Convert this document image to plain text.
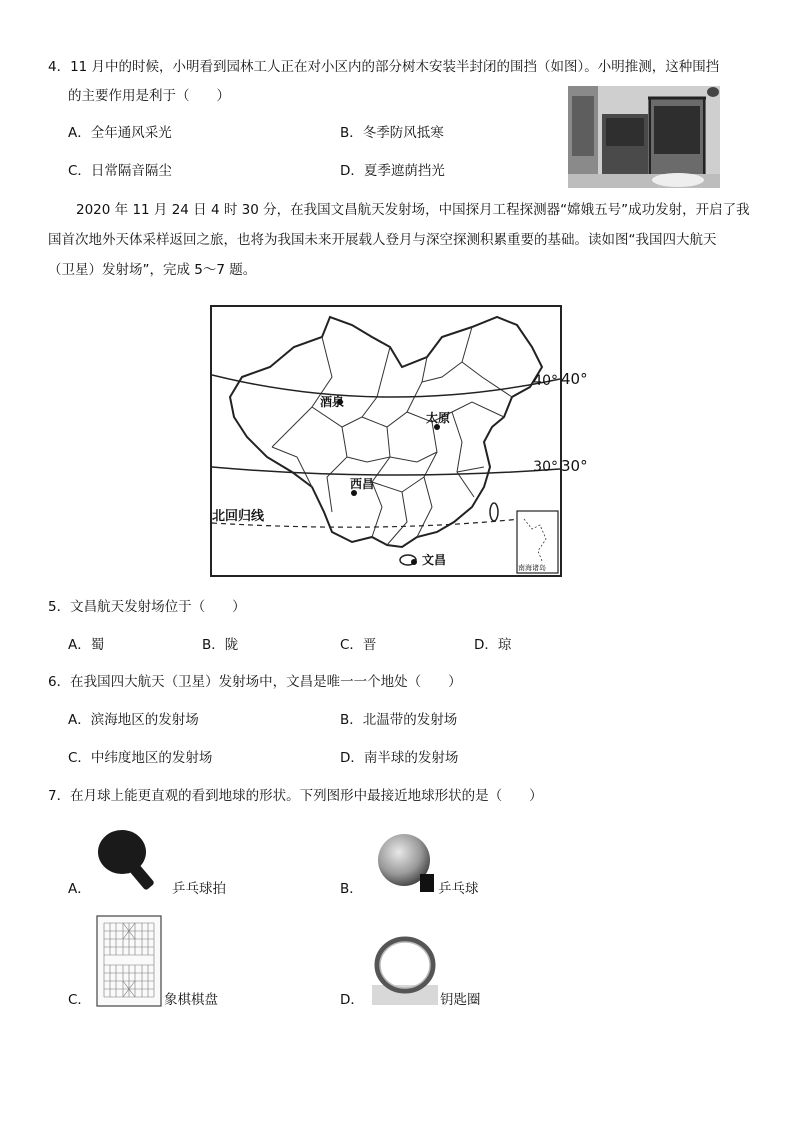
4．11 月中的时候，小明看到园林工人正在对小区内的部分树木安装半封闭的围挡（如图）。小明推测，这种围挡
的主要作用是利于（　　）
A．全年通风采光	B．冬季防风抵寒
C．日常隔音隔尘	D．夏季遮荫挡光
2020 年 11 月 24 日 4 时 30 分，在我国文昌航天发射场，中国探月工程探测器“嫦娥五号”成功发射，开启了我
国首次地外天体采样返回之旅，也将为我国未来开展载人登月与深空探测积累重要的基础。读如图“我国四大航天
（卫星）发射场”，完成 5～7 题。
40°
30°
北回归线
酒泉
太原
西昌
文昌
南海诸岛
40°
30°
5．文昌航天发射场位于（　　）
A．蜀	B．陇	C．晋	D．琼
6．在我国四大航天（卫星）发射场中，文昌是唯一一个地处（　　）
A．滨海地区的发射场	B．北温带的发射场
C．中纬度地区的发射场	D．南半球的发射场
7．在月球上能更直观的看到地球的形状。下列图形中最接近地球形状的是（　　）
A．	乒乓球拍	B．	乒乓球
C．	象棋棋盘	D．	钥匙圈
